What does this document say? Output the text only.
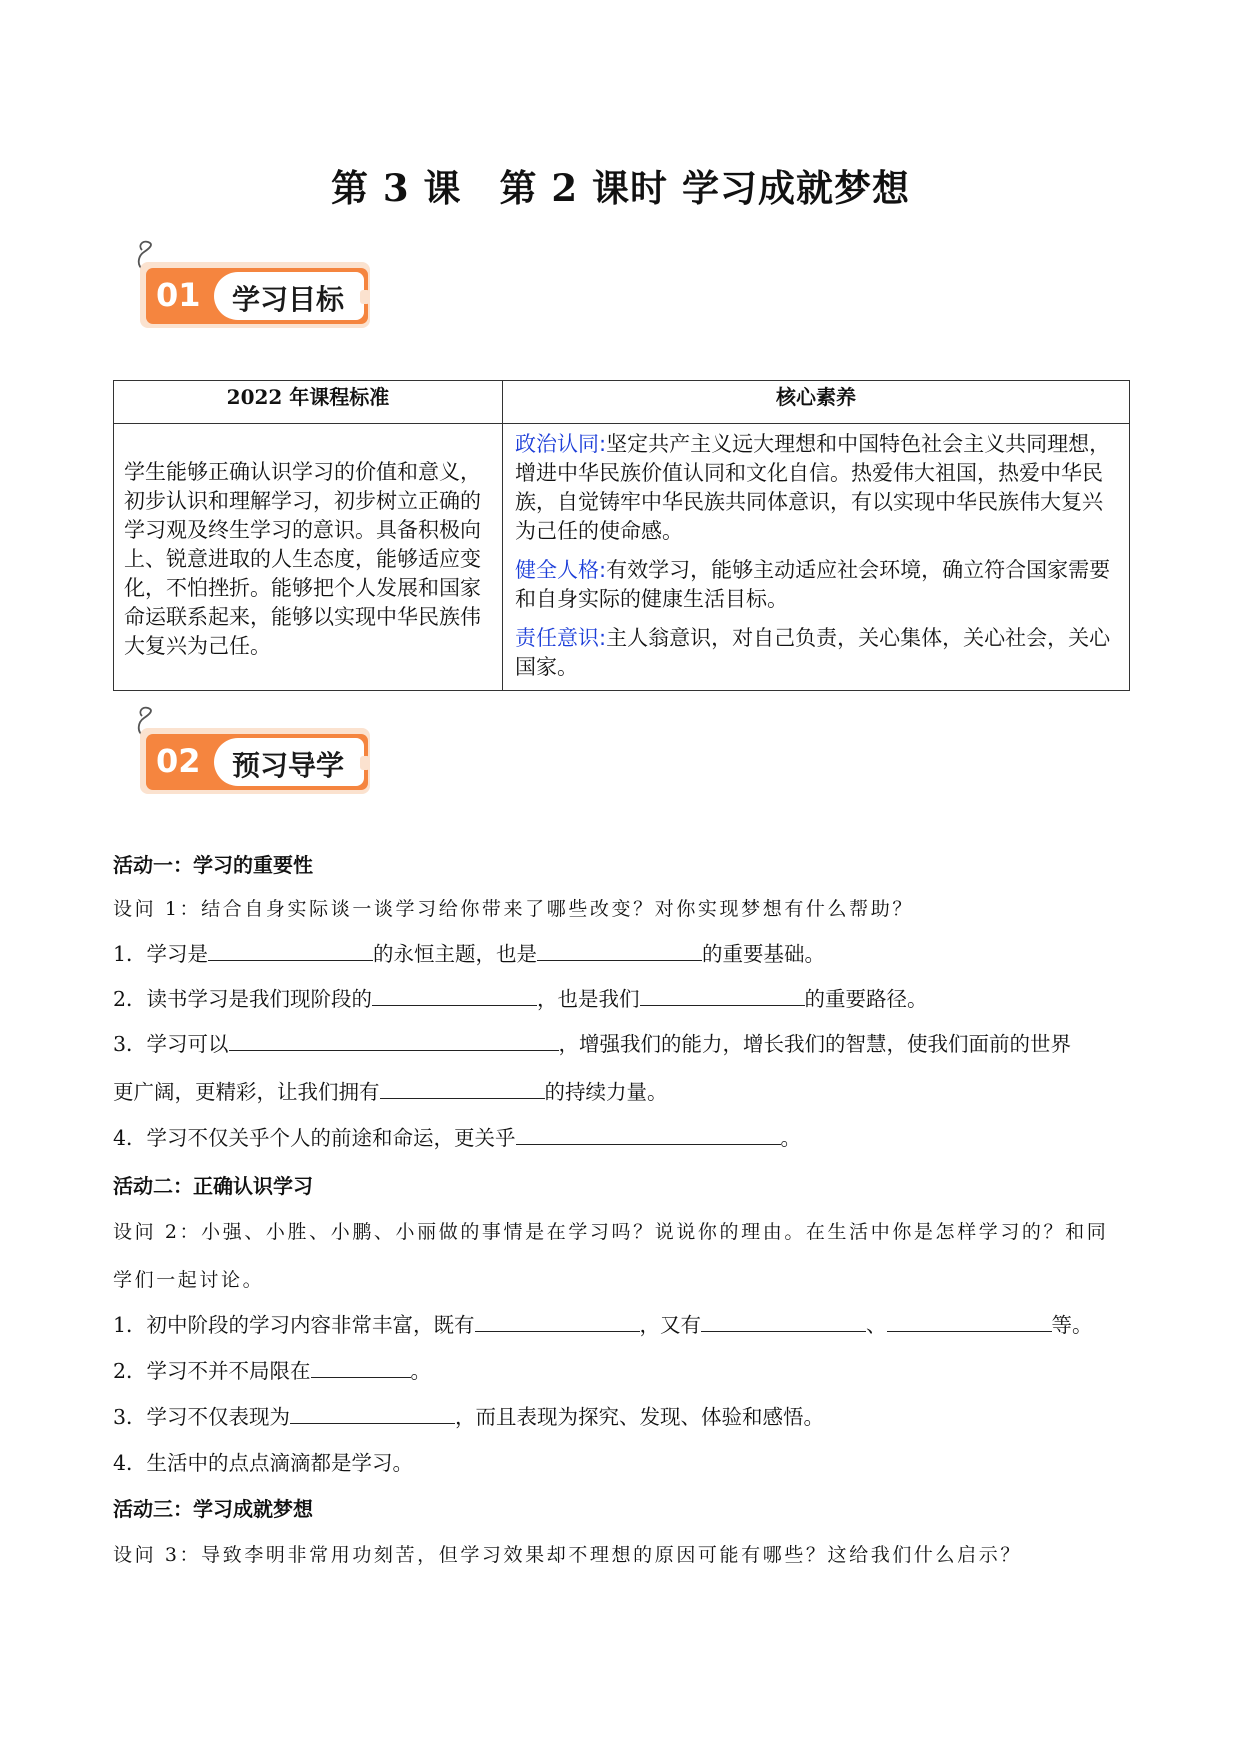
第 3 课　第 2 课时 学习成就梦想
01 学习目标
2022 年课程标准	核心素养
学生能够正确认识学习的价值和意义，初步认识和理解学习，初步树立正确的学习观及终生学习的意识。具备积极向上、锐意进取的人生态度，能够适应变化，不怕挫折。能够把个人发展和国家命运联系起来，能够以实现中华民族伟大复兴为己任。	政治认同:坚定共产主义远大理想和中国特色社会主义共同理想，增进中华民族价值认同和文化自信。热爱伟大祖国，热爱中华民族，自觉铸牢中华民族共同体意识，有以实现中华民族伟大复兴为己任的使命感。

健全人格:有效学习，能够主动适应社会环境，确立符合国家需要和自身实际的健康生活目标。

责任意识:主人翁意识，对自己负责，关心集体，关心社会，关心国家。

02 预习导学
活动一：学习的重要性
设问 1：结合自身实际谈一谈学习给你带来了哪些改变？对你实现梦想有什么帮助？
1．学习是	的永恒主题，也是	的重要基础。
2．读书学习是我们现阶段的	，也是我们	的重要路径。
3．学习可以	，增强我们的能力，增长我们的智慧，使我们面前的世界
更广阔，更精彩，让我们拥有	的持续力量。
4．学习不仅关乎个人的前途和命运，更关乎	。
活动二：正确认识学习
设问 2：小强、小胜、小鹏、小丽做的事情是在学习吗？说说你的理由。在生活中你是怎样学习的？和同
学们一起讨论。
1．初中阶段的学习内容非常丰富，既有	，又有	、	等。
2．学习不并不局限在	。
3．学习不仅表现为	，而且表现为探究、发现、体验和感悟。
4．生活中的点点滴滴都是学习。
活动三：学习成就梦想
设问 3：导致李明非常用功刻苦，但学习效果却不理想的原因可能有哪些？这给我们什么启示？
